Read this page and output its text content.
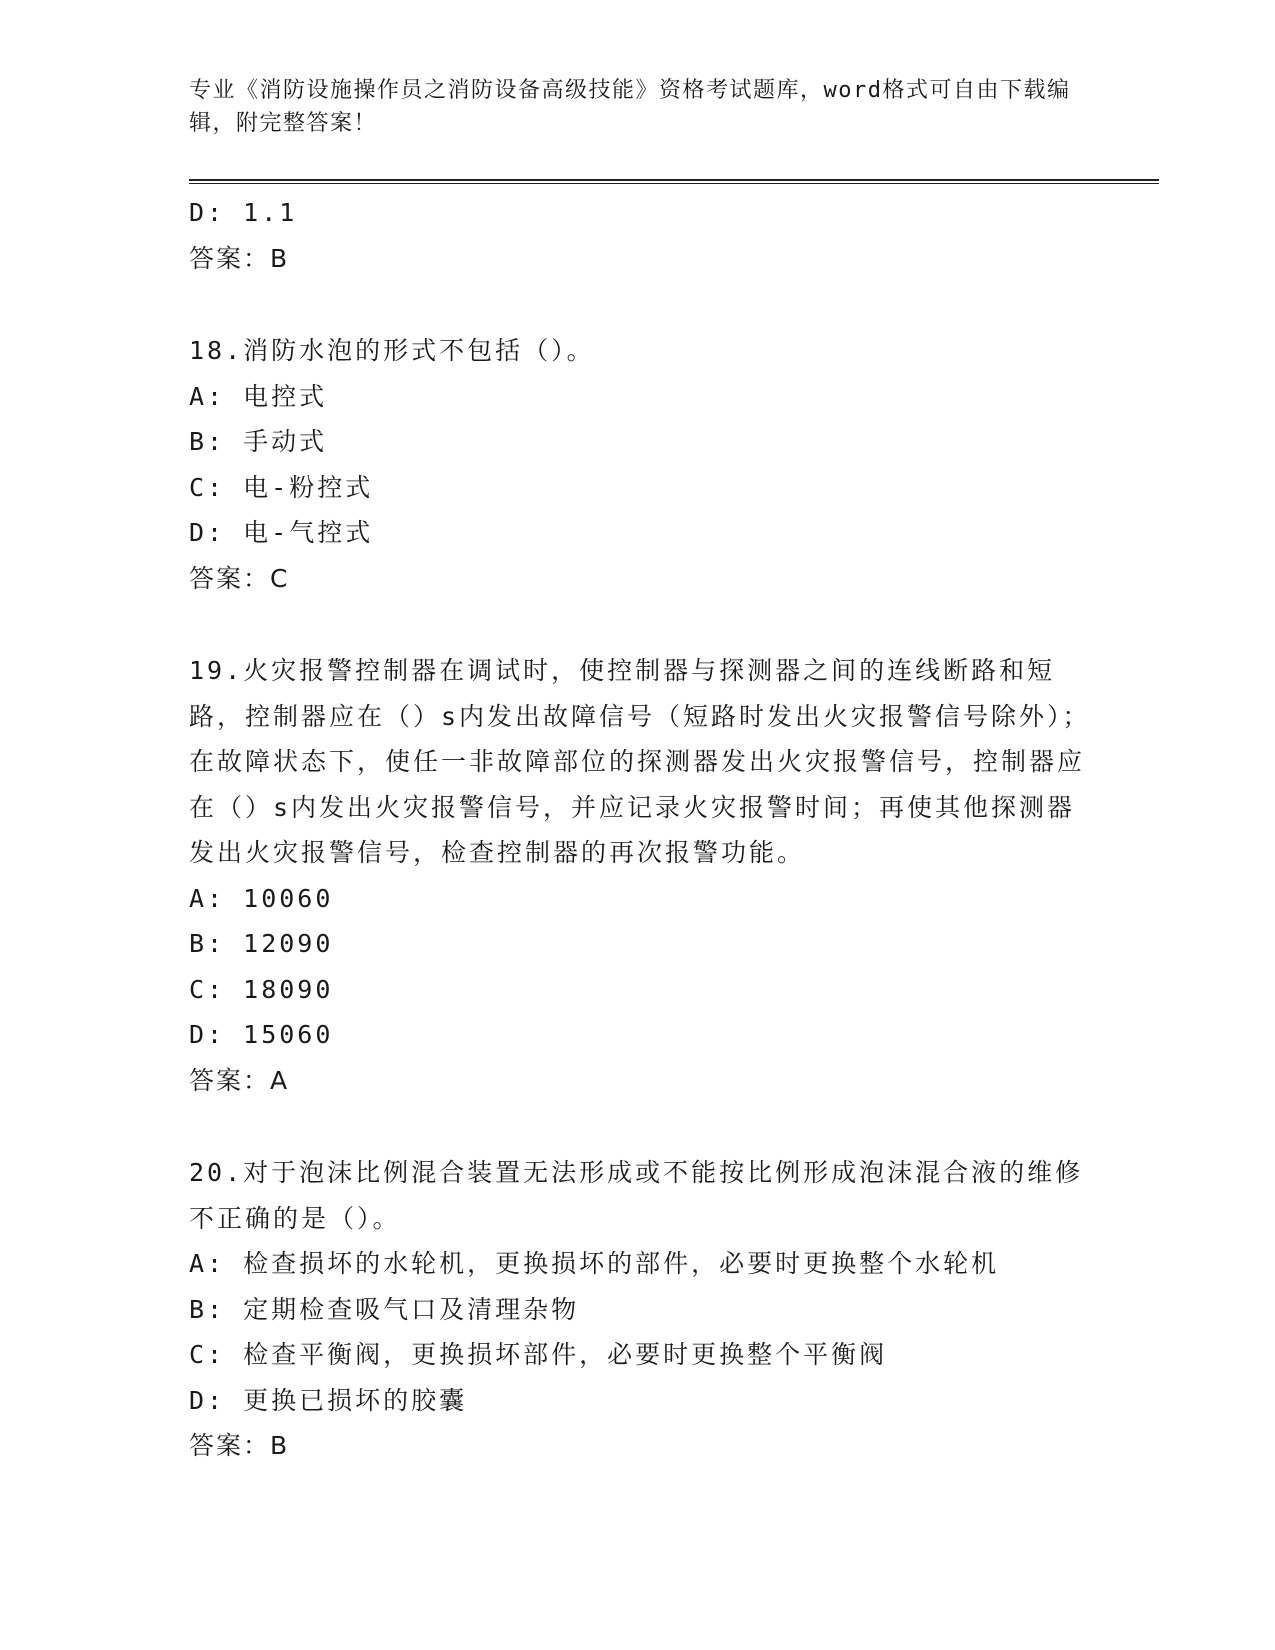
专业《消防设施操作员之消防设备高级技能》资格考试题库，word格式可自由下载编辑，附完整答案！
D: 1.1
答案：B
18.消防水泡的形式不包括（）。
A: 电控式
B: 手动式
C: 电-粉控式
D: 电-气控式
答案：C
19.火灾报警控制器在调试时，使控制器与探测器之间的连线断路和短路，控制器应在（）s内发出故障信号（短路时发出火灾报警信号除外）；在故障状态下，使任一非故障部位的探测器发出火灾报警信号，控制器应在（）s内发出火灾报警信号，并应记录火灾报警时间；再使其他探测器发出火灾报警信号，检查控制器的再次报警功能。
A: 10060
B: 12090
C: 18090
D: 15060
答案：A
20.对于泡沫比例混合装置无法形成或不能按比例形成泡沫混合液的维修不正确的是（）。
A: 检查损坏的水轮机，更换损坏的部件，必要时更换整个水轮机
B: 定期检查吸气口及清理杂物
C: 检查平衡阀，更换损坏部件，必要时更换整个平衡阀
D: 更换已损坏的胶囊
答案：B
